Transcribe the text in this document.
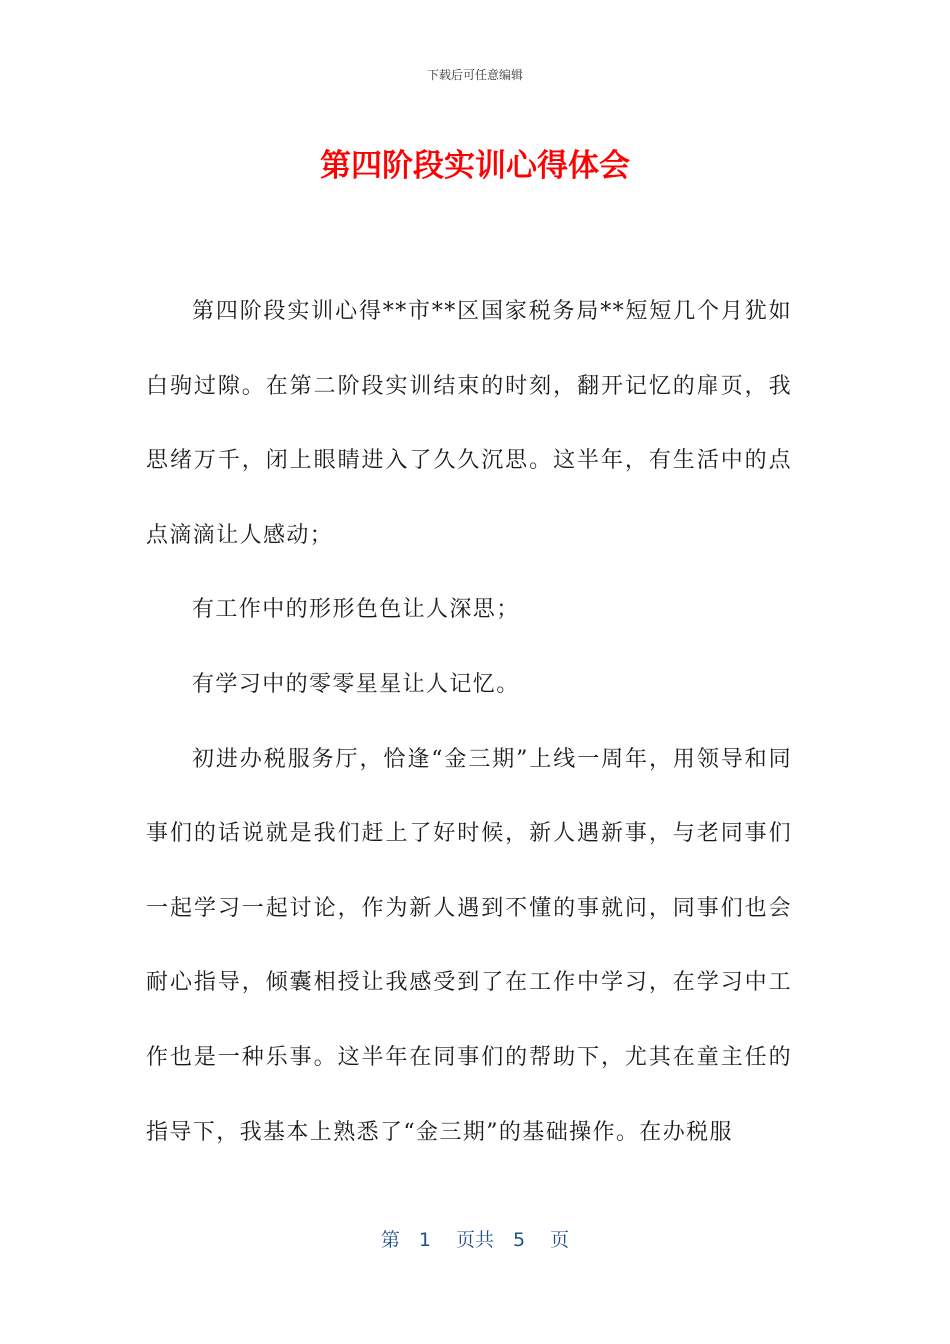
下载后可任意编辑
第四阶段实训心得体会

第四阶段实训心得**市**区国家税务局**短短几个月犹如白驹过隙。在第二阶段实训结束的时刻，翻开记忆的扉页，我思绪万千，闭上眼睛进入了久久沉思。这半年，有生活中的点点滴滴让人感动；

有工作中的形形色色让人深思；

有学习中的零零星星让人记忆。

初进办税服务厅，恰逢“金三期”上线一周年，用领导和同事们的话说就是我们赶上了好时候，新人遇新事，与老同事们一起学习一起讨论，作为新人遇到不懂的事就问，同事们也会耐心指导，倾囊相授让我感受到了在工作中学习，在学习中工作也是一种乐事。这半年在同事们的帮助下，尤其在童主任的指导下，我基本上熟悉了“金三期”的基础操作。在办税服

第　1　 页共　5　 页
